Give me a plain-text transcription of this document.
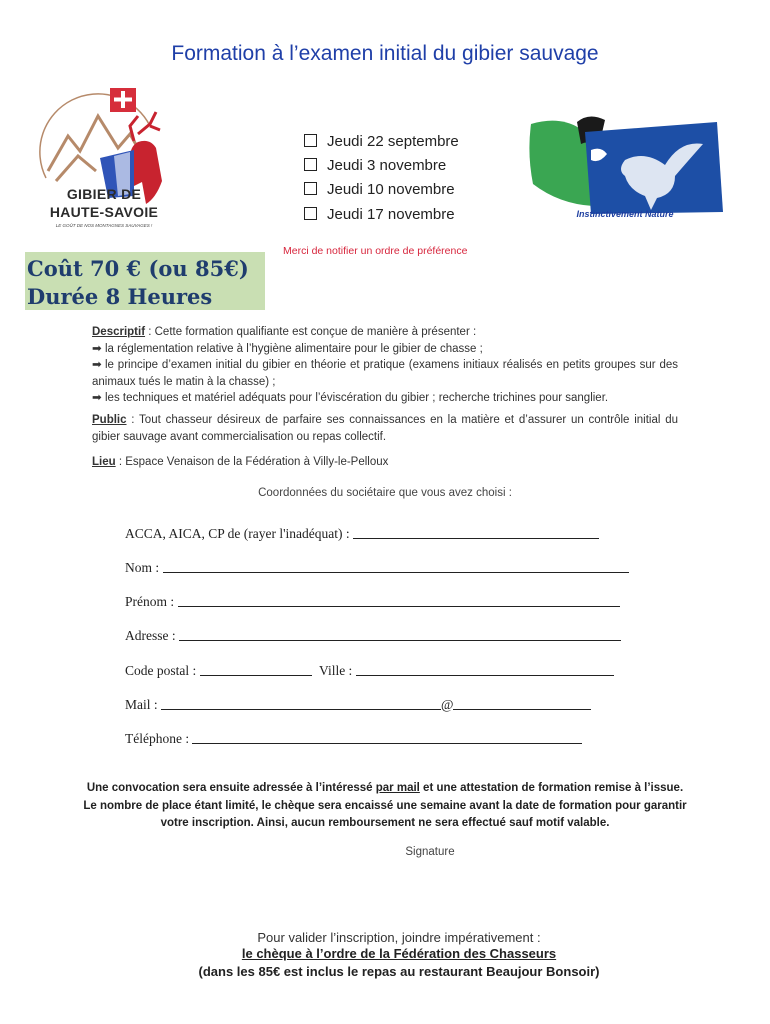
Formation à l’examen initial du gibier sauvage
GIBIER DE
HAUTE-SAVOIE
LE GOÛT DE NOS MONTAGNES SAUVAGES !
Jeudi 22 septembre
Jeudi 3 novembre
Jeudi 10 novembre
Jeudi 17 novembre
Merci de notifier un ordre de préférence
Instinctivement Nature
Coût 70 € (ou 85€)
Durée 8 Heures

Descriptif : Cette formation qualifiante est conçue de manière à présenter :

➡ la réglementation relative à l’hygiène alimentaire pour le gibier de chasse ;

➡ le principe d’examen initial du gibier en théorie et pratique (examens initiaux réalisés en petits groupes sur des animaux tués le matin à la chasse) ;

➡ les techniques et matériel adéquats pour l’éviscération du gibier ; recherche trichines pour sanglier.

Public : Tout chasseur désireux de parfaire ses connaissances en la matière et d’assurer un contrôle initial du gibier sauvage avant commercialisation ou repas collectif.
Lieu : Espace Venaison de la Fédération à Villy-le-Pelloux
Coordonnées du sociétaire que vous avez choisi :
ACCA, AICA, CP de (rayer l'inadéquat) :
Nom :
Prénom :
Adresse :
Code postal :	Ville :
Mail :	@
Téléphone :
Une convocation sera ensuite adressée à l’intéressé par mail et une attestation de formation remise à l’issue. Le nombre de place étant limité, le chèque sera encaissé une semaine avant la date de formation pour garantir votre inscription. Ainsi, aucun remboursement ne sera effectué sauf motif valable.
Signature
Pour valider l’inscription, joindre impérativement :
le chèque à l’ordre de la Fédération des Chasseurs
(dans les 85€ est inclus le repas au restaurant Beaujour Bonsoir)
